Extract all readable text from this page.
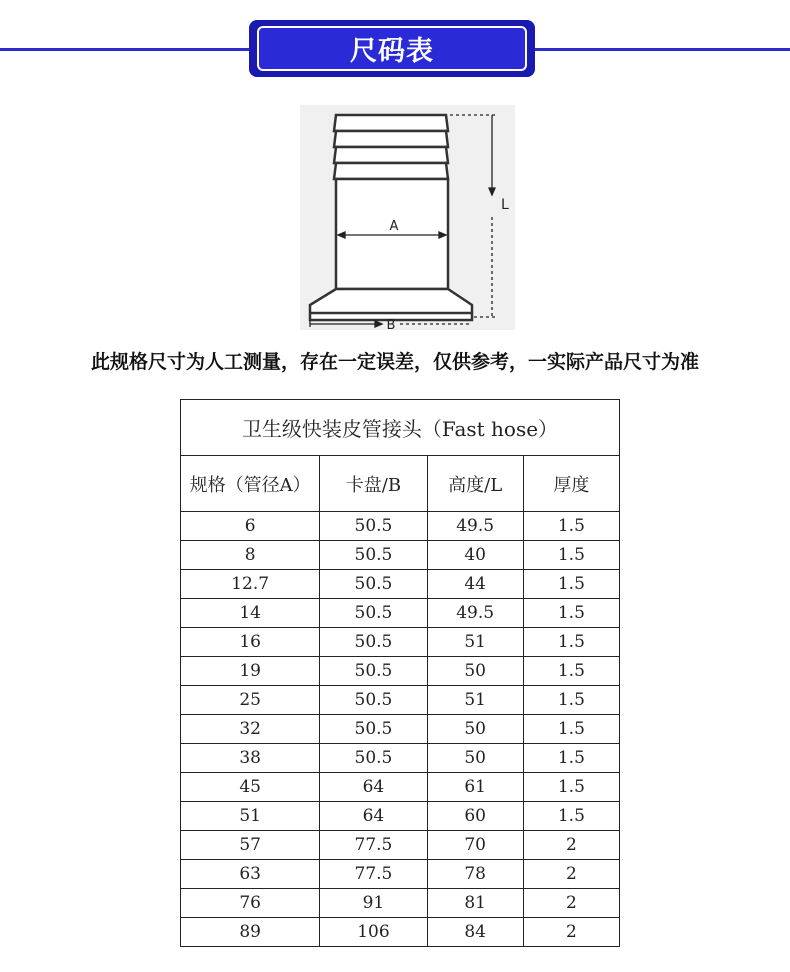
尺码表
A
B
L
此规格尺寸为人工测量，存在一定误差，仅供参考，一实际产品尺寸为准
卫生级快装皮管接头（Fast hose）			
规格（管径A）	卡盘/B	高度/L	厚度
6	50.5	49.5	1.5
8	50.5	40	1.5
12.7	50.5	44	1.5
14	50.5	49.5	1.5
16	50.5	51	1.5
19	50.5	50	1.5
25	50.5	51	1.5
32	50.5	50	1.5
38	50.5	50	1.5
45	64	61	1.5
51	64	60	1.5
57	77.5	70	2
63	77.5	78	2
76	91	81	2
89	106	84	2
